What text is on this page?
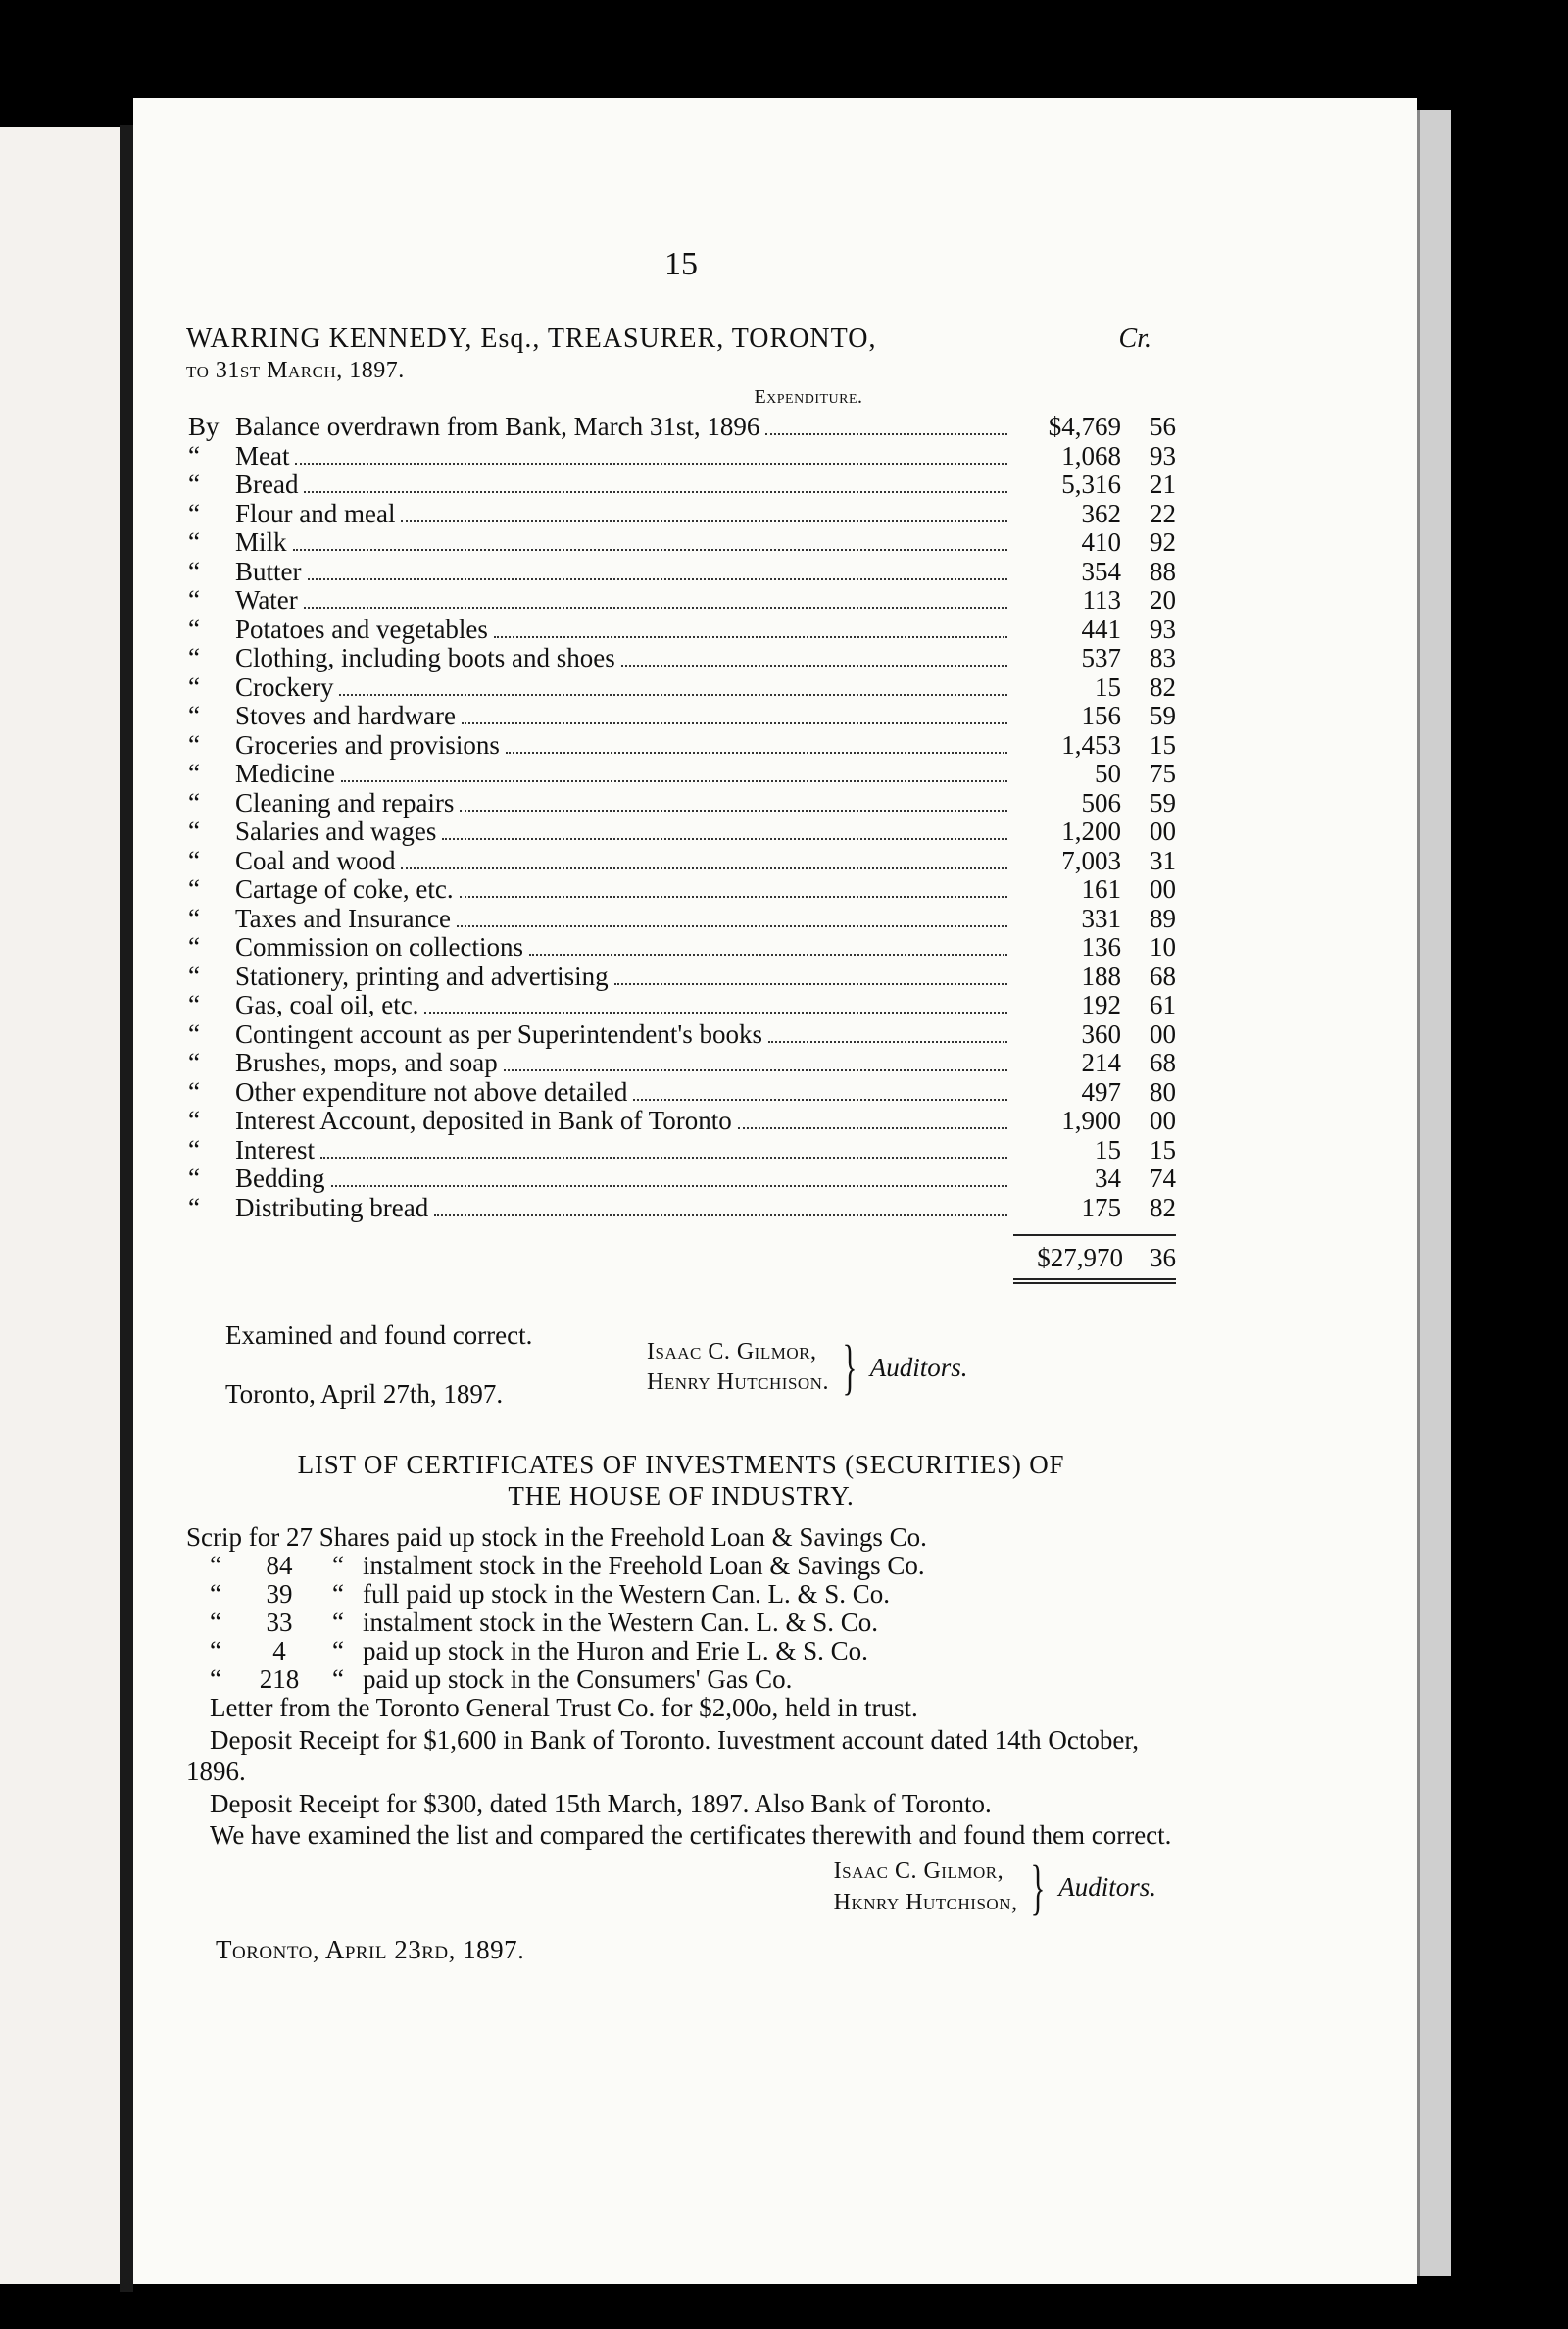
15
WARRING KENNEDY, Esq., TREASURER, TORONTO,	Cr.
to 31st March, 1897.
Expenditure.
By Balance overdrawn from Bank, March 31st, 1896	$4,769	56
“	Meat	1,068	93
“	Bread	5,316	21
“	Flour and meal	362	22
“	Milk	410	92
“	Butter	354	88
“	Water	113	20
“	Potatoes and vegetables	441	93
“	Clothing, including boots and shoes	537	83
“	Crockery	15	82
“	Stoves and hardware	156	59
“	Groceries and provisions	1,453	15
“	Medicine	50	75
“	Cleaning and repairs	506	59
“	Salaries and wages	1,200	00
“	Coal and wood	7,003	31
“	Cartage of coke, etc.	161	00
“	Taxes and Insurance	331	89
“	Commission on collections	136	10
“	Stationery, printing and advertising	188	68
“	Gas, coal oil, etc.	192	61
“	Contingent account as per Superintendent's books	360	00
“	Brushes, mops, and soap	214	68
“	Other expenditure not above detailed	497	80
“	Interest Account, deposited in Bank of Toronto	1,900	00
“	Interest	15	15
“	Bedding	34	74
“	Distributing bread	175	82
$27,970	36
Examined and found correct.
Toronto, April 27th, 1897.
Isaac C. Gilmor,
Henry Hutchison. } Auditors.
LIST OF CERTIFICATES OF INVESTMENTS (SECURITIES) OF
THE HOUSE OF INDUSTRY.
Scrip for 27 Shares paid up stock in the Freehold Loan & Savings Co.
“	84	“ instalment stock in the Freehold Loan & Savings Co.
“	39	“ full paid up stock in the Western Can. L. & S. Co.
“	33	“ instalment stock in the Western Can. L. & S. Co.
“	4	“ paid up stock in the Huron and Erie L. & S. Co.
“	218	“ paid up stock in the Consumers' Gas Co.

Letter from the Toronto General Trust Co. for $2,00o, held in trust.

Deposit Receipt for $1,600 in Bank of Toronto. Iuvestment account dated 14th October, 1896.

Deposit Receipt for $300, dated 15th March, 1897. Also Bank of Toronto.

We have examined the list and compared the certificates therewith and found them correct.

Isaac C. Gilmor,
Hknry Hutchison, } Auditors.
Toronto, April 23rd, 1897.
